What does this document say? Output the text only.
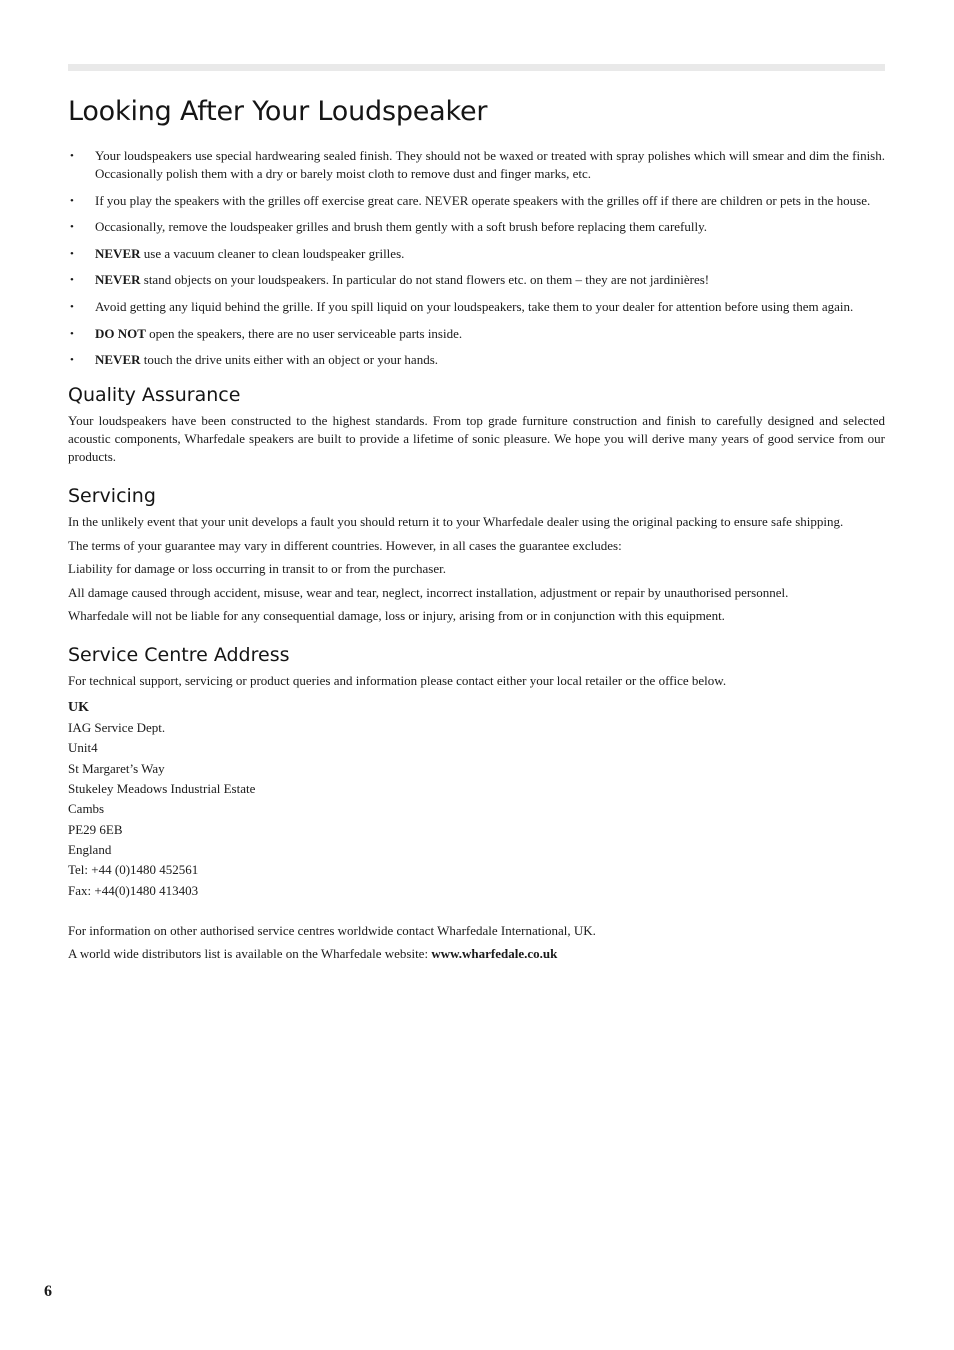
Looking After Your Loudspeaker
• Your loudspeakers use special hardwearing sealed finish. They should not be waxed or treated with spray polishes which will smear and dim the finish. Occasionally polish them with a dry or barely moist cloth to remove dust and finger marks, etc.
• If you play the speakers with the grilles off exercise great care. NEVER operate speakers with the grilles off if there are children or pets in the house.
• Occasionally, remove the loudspeaker grilles and brush them gently with a soft brush before replacing them carefully.
• NEVER use a vacuum cleaner to clean loudspeaker grilles.
• NEVER stand objects on your loudspeakers. In particular do not stand flowers etc. on them – they are not jardinières!
• Avoid getting any liquid behind the grille. If you spill liquid on your loudspeakers, take them to your dealer for attention before using them again.
• DO NOT open the speakers, there are no user serviceable parts inside.
• NEVER touch the drive units either with an object or your hands.
Quality Assurance

Your loudspeakers have been constructed to the highest standards. From top grade furniture construction and finish to carefully designed and selected acoustic components, Wharfedale speakers are built to provide a lifetime of sonic pleasure. We hope you will derive many years of good service from our products.

Servicing

In the unlikely event that your unit develops a fault you should return it to your Wharfedale dealer using the original packing to ensure safe shipping.

The terms of your guarantee may vary in different countries. However, in all cases the guarantee excludes:

Liability for damage or loss occurring in transit to or from the purchaser.

All damage caused through accident, misuse, wear and tear, neglect, incorrect installation, adjustment or repair by unauthorised personnel.

Wharfedale will not be liable for any consequential damage, loss or injury, arising from or in conjunction with this equipment.

Service Centre Address

For technical support, servicing or product queries and information please contact either your local retailer or the office below.

UK
IAG Service Dept.
Unit4
St Margaret’s Way
Stukeley Meadows Industrial Estate
Cambs
PE29 6EB
England
Tel: +44 (0)1480 452561
Fax: +44(0)1480 413403

For information on other authorised service centres worldwide contact Wharfedale International, UK.

A world wide distributors list is available on the Wharfedale website: www.wharfedale.co.uk

6
